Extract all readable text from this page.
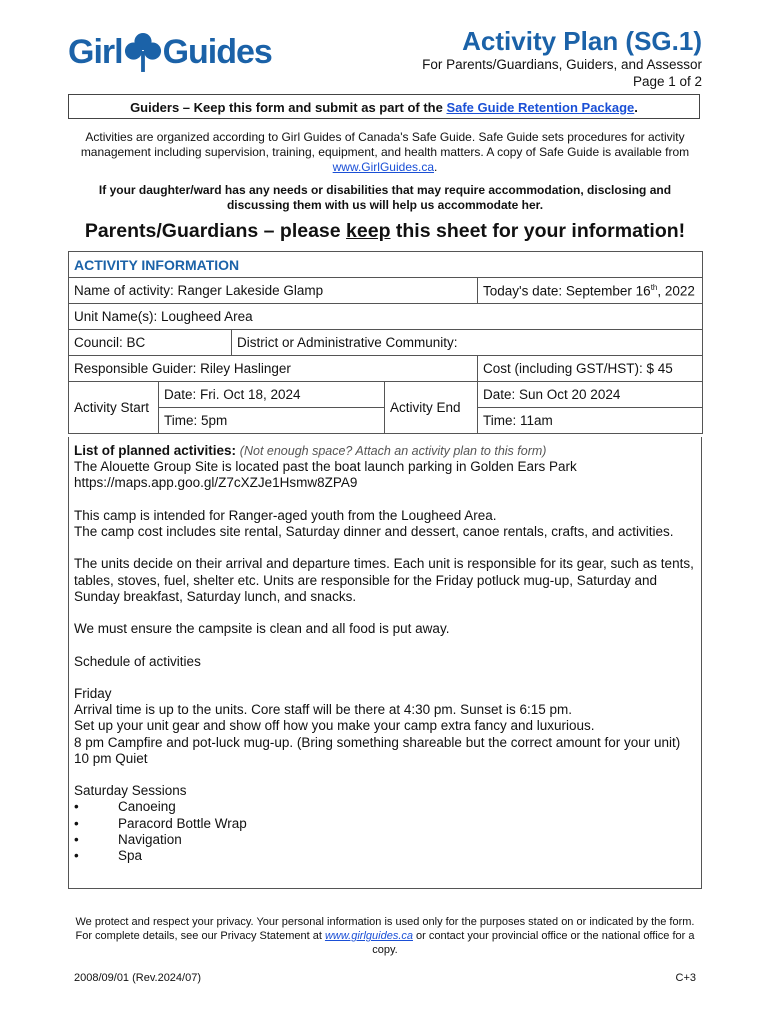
Girl Guides	Activity Plan (SG.1)
For Parents/Guardians, Guiders, and Assessor
Page 1 of 2
Guiders – Keep this form and submit as part of the Safe Guide Retention Package.
Activities are organized according to Girl Guides of Canada's Safe Guide. Safe Guide sets procedures for activity management including supervision, training, equipment, and health matters. A copy of Safe Guide is available from www.GirlGuides.ca.
If your daughter/ward has any needs or disabilities that may require accommodation, disclosing and discussing them with us will help us accommodate her.
Parents/Guardians – please keep this sheet for your information!
ACTIVITY INFORMATION				
Name of activity: Ranger Lakeside Glamp				Today's date: September 16th, 2022
Unit Name(s): Lougheed Area				
Council: BC		District or Administrative Community:		
Responsible Guider: Riley Haslinger				Cost (including GST/HST): $ 45
Activity Start	Date: Fri. Oct 18, 2024		Activity End	Date: Sun Oct 20 2024
	Time: 5pm			Time: 11am

List of planned activities: (Not enough space? Attach an activity plan to this form)

The Alouette Group Site is located past the boat launch parking in Golden Ears Park

https://maps.app.goo.gl/Z7cXZJe1Hsmw8ZPA9

This camp is intended for Ranger-aged youth from the Lougheed Area.

The camp cost includes site rental, Saturday dinner and dessert, canoe rentals, crafts, and activities.

The units decide on their arrival and departure times. Each unit is responsible for its gear, such as tents, tables, stoves, fuel, shelter etc. Units are responsible for the Friday potluck mug-up, Saturday and Sunday breakfast, Saturday lunch, and snacks.

We must ensure the campsite is clean and all food is put away.

Schedule of activities

Friday

Arrival time is up to the units. Core staff will be there at 4:30 pm. Sunset is 6:15 pm.

Set up your unit gear and show off how you make your camp extra fancy and luxurious.

8 pm Campfire and pot-luck mug-up. (Bring something shareable but the correct amount for your unit)

10 pm Quiet

Saturday Sessions

•	Canoeing
•	Paracord Bottle Wrap
•	Navigation
•	Spa
We protect and respect your privacy. Your personal information is used only for the purposes stated on or indicated by the form. For complete details, see our Privacy Statement at www.girlguides.ca or contact your provincial office or the national office for a copy.
2008/09/01 (Rev.2024/07)	C+3
